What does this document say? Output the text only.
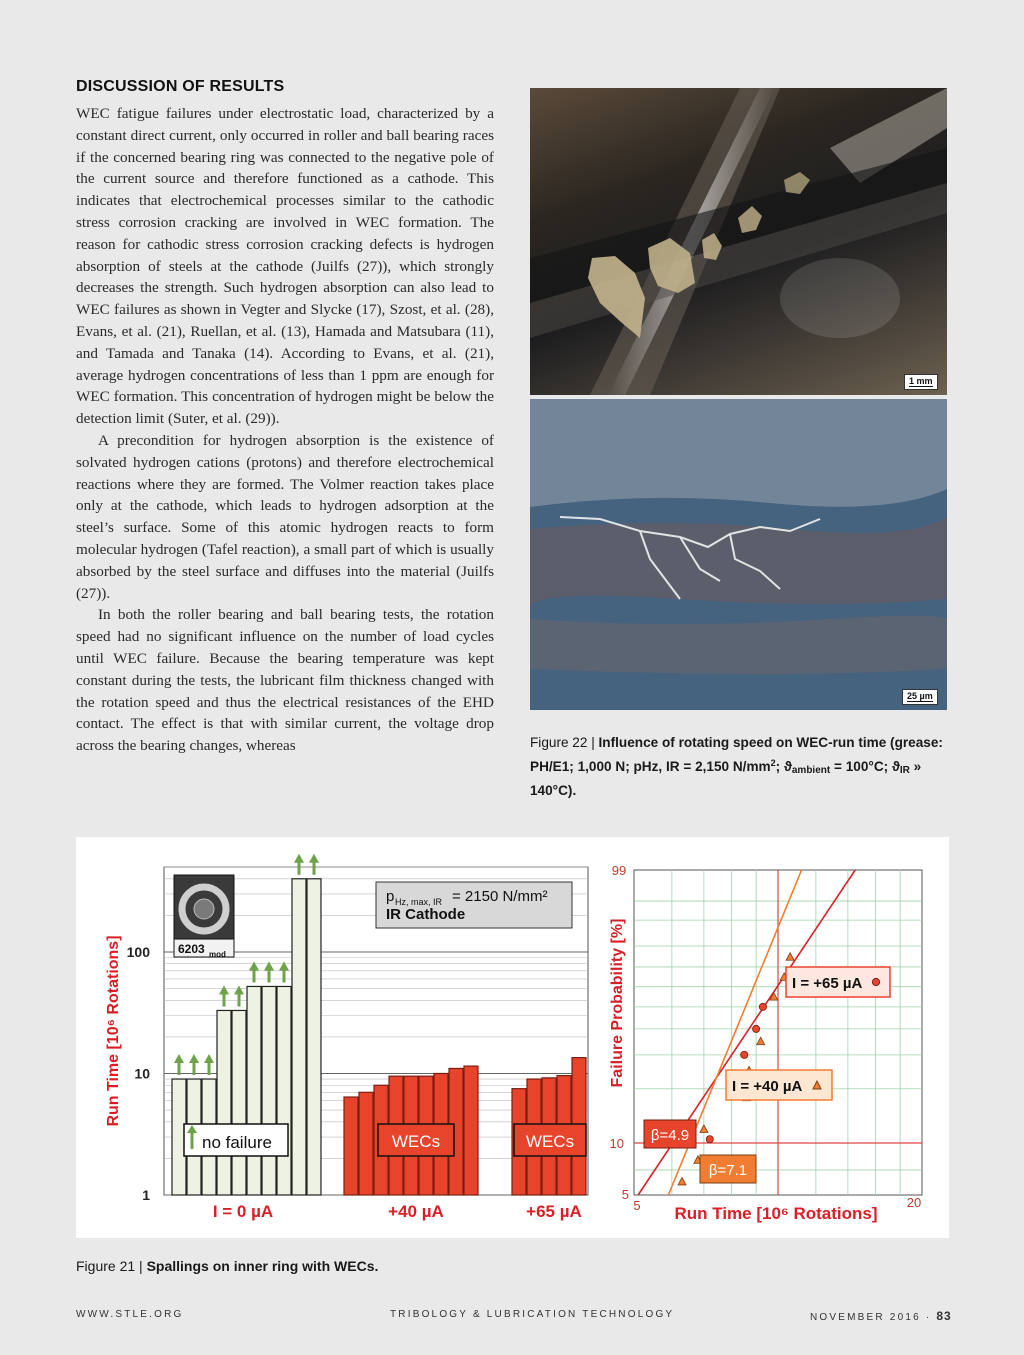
DISCUSSION OF RESULTS

WEC fatigue failures under electrostatic load, characterized by a constant direct current, only occurred in roller and ball bearing races if the concerned bearing ring was connected to the negative pole of the current source and therefore functioned as a cathode. This indicates that electrochemical processes similar to the cathodic stress corrosion cracking are involved in WEC formation. The reason for cathodic stress corrosion cracking defects is hydrogen absorption of steels at the cathode (Juilfs (27)), which strongly decreases the strength. Such hydrogen absorption can also lead to WEC failures as shown in Vegter and Slycke (17), Szost, et al. (28), Evans, et al. (21), Ruellan, et al. (13), Hamada and Matsubara (11), and Tamada and Tanaka (14). According to Evans, et al. (21), average hydrogen concentrations of less than 1 ppm are enough for WEC formation. This concentration of hydrogen might be below the detection limit (Suter, et al. (29)).

A precondition for hydrogen absorption is the existence of solvated hydrogen cations (protons) and therefore electrochemical reactions where they are formed. The Volmer reaction takes place only at the cathode, which leads to hydrogen adsorption at the steel’s surface. Some of this atomic hydrogen reacts to form molecular hydrogen (Tafel reaction), a small part of which is usually absorbed by the steel surface and diffuses into the material (Juilfs (27)).

In both the roller bearing and ball bearing tests, the rotation speed had no significant influence on the number of load cycles until WEC failure. Because the bearing temperature was kept constant during the tests, the lubricant film thickness changed with the rotation speed and thus the electrical resistances of the EHD contact. The effect is that with similar current, the voltage drop across the bearing changes, whereas

1 mm
25 µm
Figure 22 | Influence of rotating speed on WEC-run time (grease: PH/E1; 1,000 N; pHz, IR = 2,150 $N/mm^2$; $ϑ_{ambient} = 100^\circ C$; $ϑ_{IR}$ » 140°C).
1
10
100
Run Time [10⁶ Rotations]
no failure	WECs	WECs
I = 0 µA	+40 µA	+65 µA
p Hz, max, IR = 2150 N/mm²
IR Cathode
6203 mod
99
10
5
5	20
Failure Probability [%]
Run Time [10⁶ Rotations]
I = +65 µA
I = +40 µA
β=4.9
β=7.1
Figure 21 | Spallings on inner ring with WECs.
WWW.STLE.ORG	TRIBOLOGY & LUBRICATION TECHNOLOGY	NOVEMBER 2016 · 83
